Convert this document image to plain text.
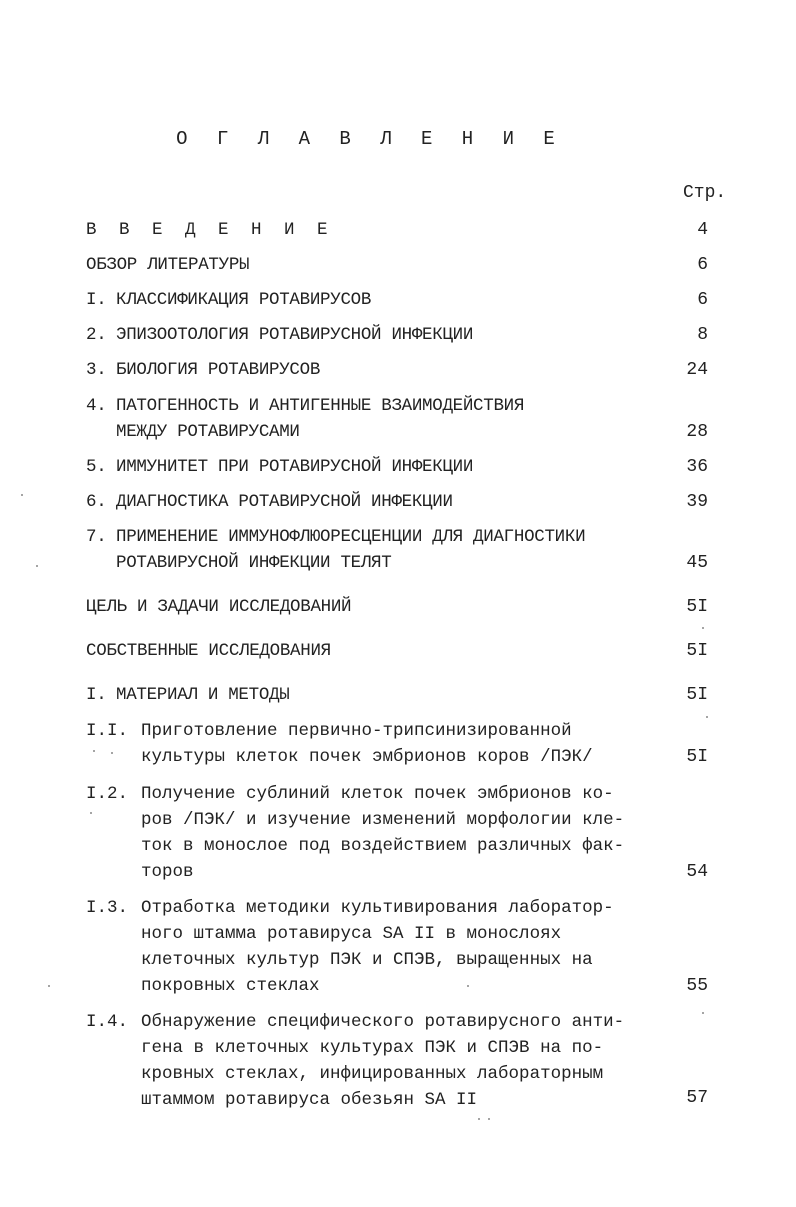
О Г Л А В Л Е Н И Е
Стр.
В В Е Д Е Н И Е	4
ОБЗОР ЛИТЕРАТУРЫ	6
I. КЛАССИФИКАЦИЯ РОТАВИРУСОВ	6
2. ЭПИЗООТОЛОГИЯ РОТАВИРУСНОЙ ИНФЕКЦИИ	8
3. БИОЛОГИЯ РОТАВИРУСОВ	24
4. ПАТОГЕННОСТЬ И АНТИГЕННЫЕ ВЗАИМОДЕЙСТВИЯ
МЕЖДУ РОТАВИРУСАМИ	28
5. ИММУНИТЕТ ПРИ РОТАВИРУСНОЙ ИНФЕКЦИИ	36
6. ДИАГНОСТИКА РОТАВИРУСНОЙ ИНФЕКЦИИ	39
7. ПРИМЕНЕНИЕ ИММУНОФЛЮОРЕСЦЕНЦИИ ДЛЯ ДИАГНОСТИКИ
РОТАВИРУСНОЙ ИНФЕКЦИИ ТЕЛЯТ	45
ЦЕЛЬ И ЗАДАЧИ ИССЛЕДОВАНИЙ	5I
СОБСТВЕННЫЕ ИССЛЕДОВАНИЯ	5I
I. МАТЕРИАЛ И МЕТОДЫ	5I
I.I. Приготовление первично-трипсинизированной
культуры клеток почек эмбрионов коров /ПЭК/	5I
I.2. Получение сублиний клеток почек эмбрионов ко-
ров /ПЭК/ и изучение изменений морфологии кле-
ток в монослое под воздействием различных фак-
торов	54
I.3. Отработка методики культивирования лаборатор-
ного штамма ротавируса SA II в монослоях
клеточных культур ПЭК и СПЭВ, выращенных на
покровных стеклах	55
I.4. Обнаружение специфического ротавирусного анти-
гена в клеточных культурах ПЭК и СПЭВ на по-
кровных стеклах, инфицированных лабораторным
штаммом ротавируса обезьян SA II	57
